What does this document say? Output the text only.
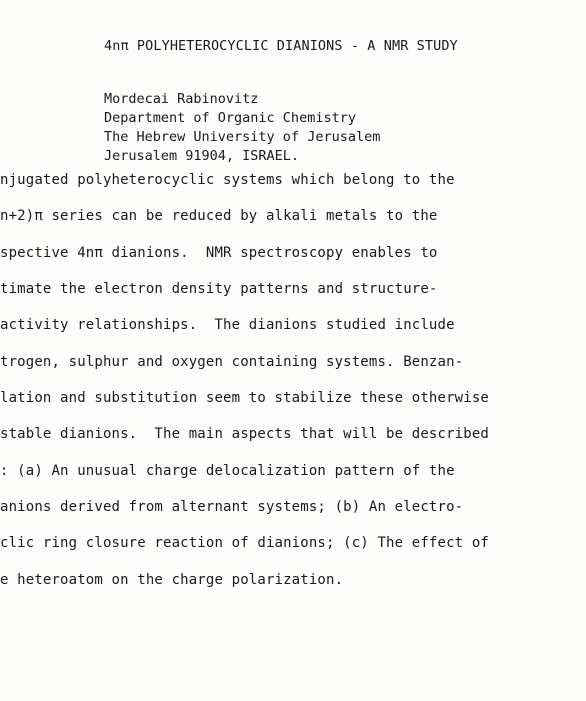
4nπ POLYHETEROCYCLIC DIANIONS - A NMR STUDY
Mordecai Rabinovitz
Department of Organic Chemistry
The Hebrew University of Jerusalem
Jerusalem 91904, ISRAEL.
njugated polyheterocyclic systems which belong to the
n+2)π series can be reduced by alkali metals to the
spective 4nπ dianions.  NMR spectroscopy enables to
timate the electron density patterns and structure-
activity relationships.  The dianions studied include
trogen, sulphur and oxygen containing systems. Benzan-
lation and substitution seem to stabilize these otherwise
stable dianions.  The main aspects that will be described
: (a) An unusual charge delocalization pattern of the
anions derived from alternant systems; (b) An electro-
clic ring closure reaction of dianions; (c) The effect of
e heteroatom on the charge polarization.
